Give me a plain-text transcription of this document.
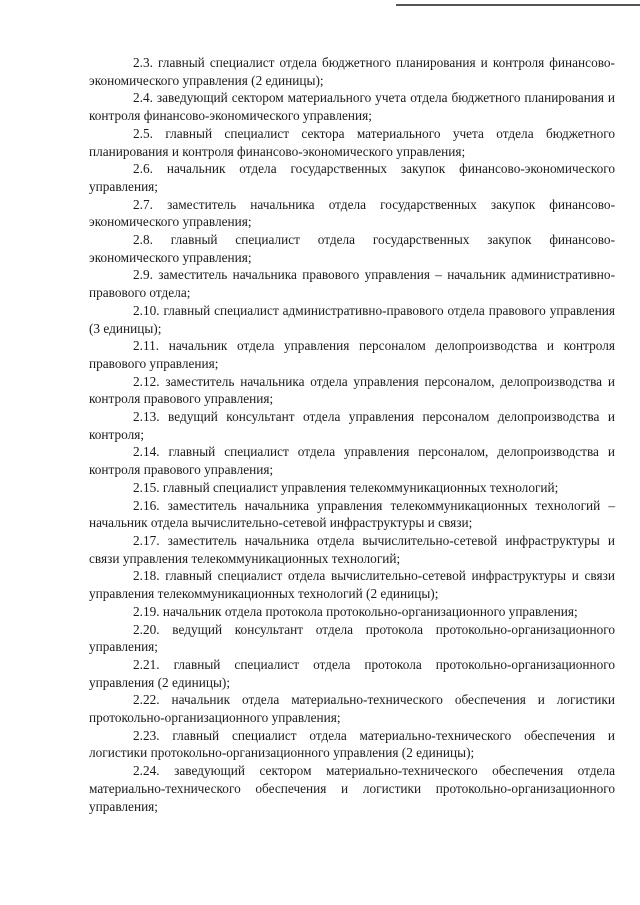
2.3. главный специалист отдела бюджетного планирования и контроля финансово-экономического управления (2 единицы);

2.4. заведующий сектором материального учета отдела бюджетного планирования и контроля финансово-экономического управления;

2.5. главный специалист сектора материального учета отдела бюджетного планирования и контроля финансово-экономического управления;

2.6. начальник отдела государственных закупок финансово-экономического управления;

2.7. заместитель начальника отдела государственных закупок финансово-экономического управления;

2.8. главный специалист отдела государственных закупок финансово-экономического управления;

2.9. заместитель начальника правового управления – начальник административно-правового отдела;

2.10. главный специалист административно-правового отдела правового управления (3 единицы);

2.11. начальник отдела управления персоналом делопроизводства и контроля правового управления;

2.12. заместитель начальника отдела управления персоналом, делопроизводства и контроля правового управления;

2.13. ведущий консультант отдела управления персоналом делопроизводства и контроля;

2.14. главный специалист отдела управления персоналом, делопроизводства и контроля правового управления;

2.15. главный специалист управления телекоммуникационных технологий;

2.16. заместитель начальника управления телекоммуникационных технологий – начальник отдела вычислительно-сетевой инфраструктуры и связи;

2.17. заместитель начальника отдела вычислительно-сетевой инфраструктуры и связи управления телекоммуникационных технологий;

2.18. главный специалист отдела вычислительно-сетевой инфраструктуры и связи управления телекоммуникационных технологий (2 единицы);

2.19. начальник отдела протокола протокольно-организационного управления;

2.20. ведущий консультант отдела протокола протокольно-организационного управления;

2.21. главный специалист отдела протокола протокольно-организационного управления (2 единицы);

2.22. начальник отдела материально-технического обеспечения и логистики протокольно-организационного управления;

2.23. главный специалист отдела материально-технического обеспечения и логистики протокольно-организационного управления (2 единицы);

2.24. заведующий сектором материально-технического обеспечения отдела материально-технического обеспечения и логистики протокольно-организационного управления;
